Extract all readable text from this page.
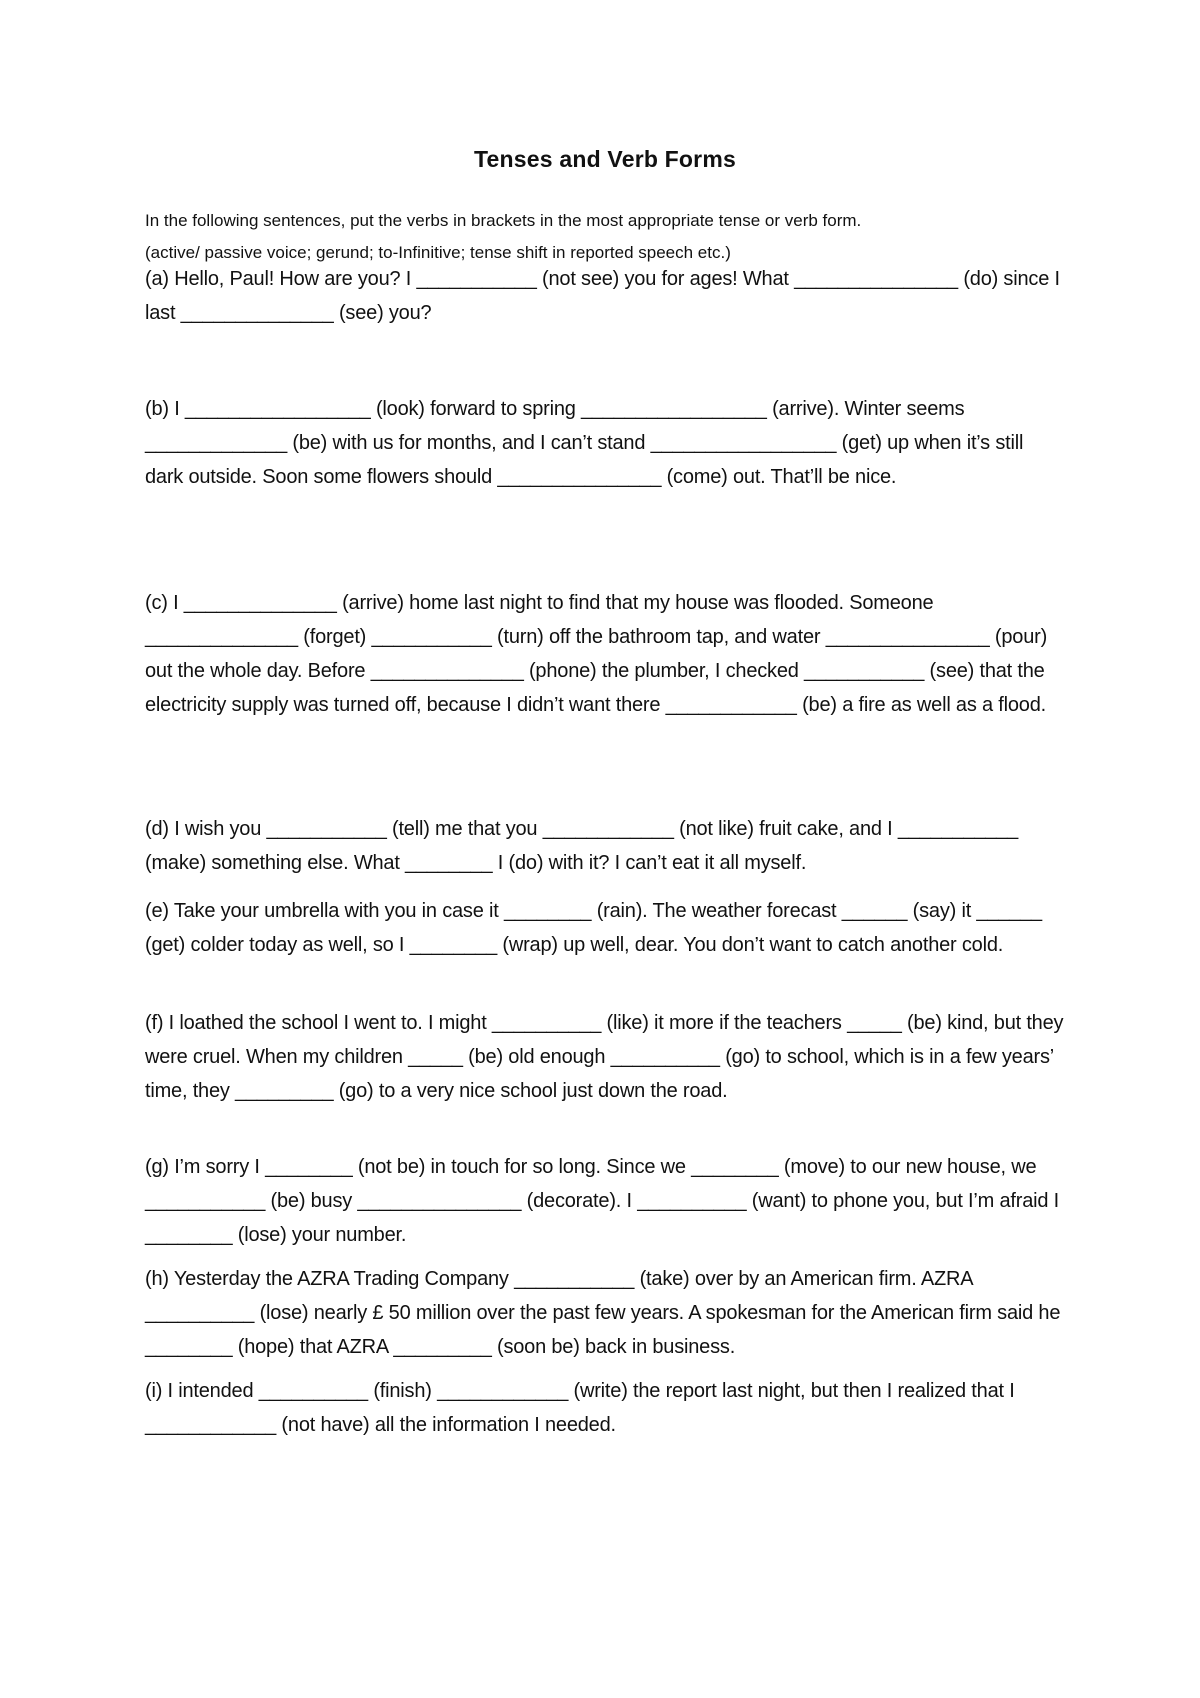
Tenses and Verb Forms

In the following sentences, put the verbs in brackets in the most appropriate tense or verb form.

(active/ passive voice; gerund; to-Infinitive; tense shift in reported speech etc.)

(a) Hello, Paul! How are you? I ___________ (not see) you for ages! What _______________ (do) since I last ______________ (see) you?

(b) I _________________ (look) forward to spring _________________ (arrive). Winter seems _____________ (be) with us for months, and I can’t stand _________________ (get) up when it’s still dark outside. Soon some flowers should _______________ (come) out. That’ll be nice.

(c) I ______________ (arrive) home last night to find that my house was flooded. Someone ______________ (forget) ___________ (turn) off the bathroom tap, and water _______________ (pour) out the whole day. Before ______________ (phone) the plumber, I checked ___________ (see) that the electricity supply was turned off, because I didn’t want there ____________ (be) a fire as well as a flood.

(d) I wish you ___________ (tell) me that you ____________ (not like) fruit cake, and I ___________ (make) something else. What ________ I (do) with it? I can’t eat it all myself.

(e) Take your umbrella with you in case it ________ (rain). The weather forecast ______ (say) it ______ (get) colder today as well, so I ________ (wrap) up well, dear. You don’t want to catch another cold.

(f) I loathed the school I went to. I might __________ (like) it more if the teachers _____ (be) kind, but they were cruel. When my children _____ (be) old enough __________ (go) to school, which is in a few years’ time, they _________ (go) to a very nice school just down the road.

(g) I’m sorry I ________ (not be) in touch for so long. Since we ________ (move) to our new house, we ___________ (be) busy _______________ (decorate). I __________ (want) to phone you, but I’m afraid I ________ (lose) your number.

(h) Yesterday the AZRA Trading Company ___________ (take) over by an American firm. AZRA __________ (lose) nearly £ 50 million over the past few years. A spokesman for the American firm said he ________ (hope) that AZRA _________ (soon be) back in business.

(i) I intended __________ (finish) ____________ (write) the report last night, but then I realized that I ____________ (not have) all the information I needed.
